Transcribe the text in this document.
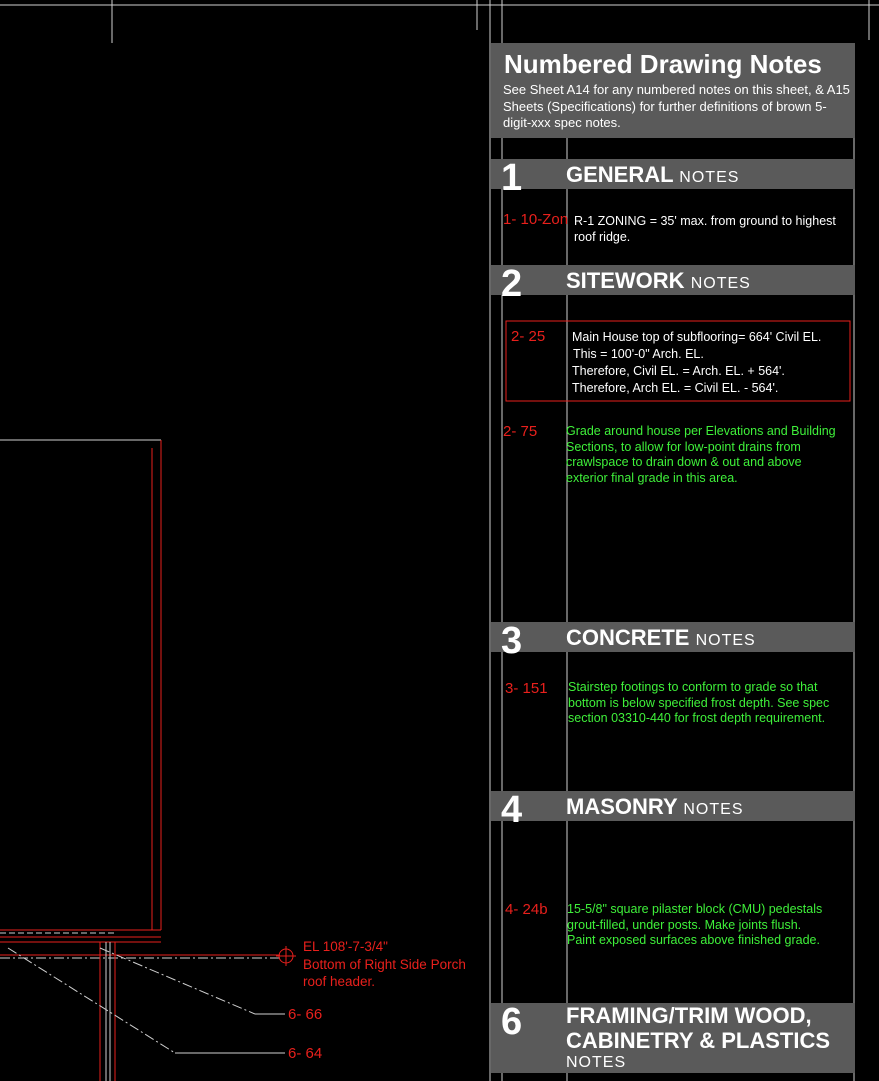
Numbered Drawing Notes
See Sheet A14 for any numbered notes on this sheet, & A15 Sheets (Specifications) for further definitions of brown 5-digit-xxx spec notes.
1 GENERAL NOTES
2 SITEWORK NOTES
3 CONCRETE NOTES
4 MASONRY NOTES
6 FRAMING/TRIM WOOD,
CABINETRY & PLASTICS
NOTES
1- 10-Zon R-1 ZONING = 35' max. from ground to highest
roof ridge.
2- 25 Main House top of subflooring= 664' Civil EL.
This = 100'-0" Arch. EL.
Therefore, Civil EL. = Arch. EL. + 564'.
Therefore, Arch EL. = Civil EL. - 564'.
2- 75 Grade around house per Elevations and Building
Sections, to allow for low-point drains from
crawlspace to drain down & out and above
exterior final grade in this area.
3- 151 Stairstep footings to conform to grade so that
bottom is below specified frost depth. See spec
section 03310-440 for frost depth requirement.
4- 24b 15-5/8" square pilaster block (CMU) pedestals
grout-filled, under posts. Make joints flush.
Paint exposed surfaces above finished grade.
EL 108'-7-3/4"
Bottom of Right Side Porch
roof header.
6- 66
6- 64
